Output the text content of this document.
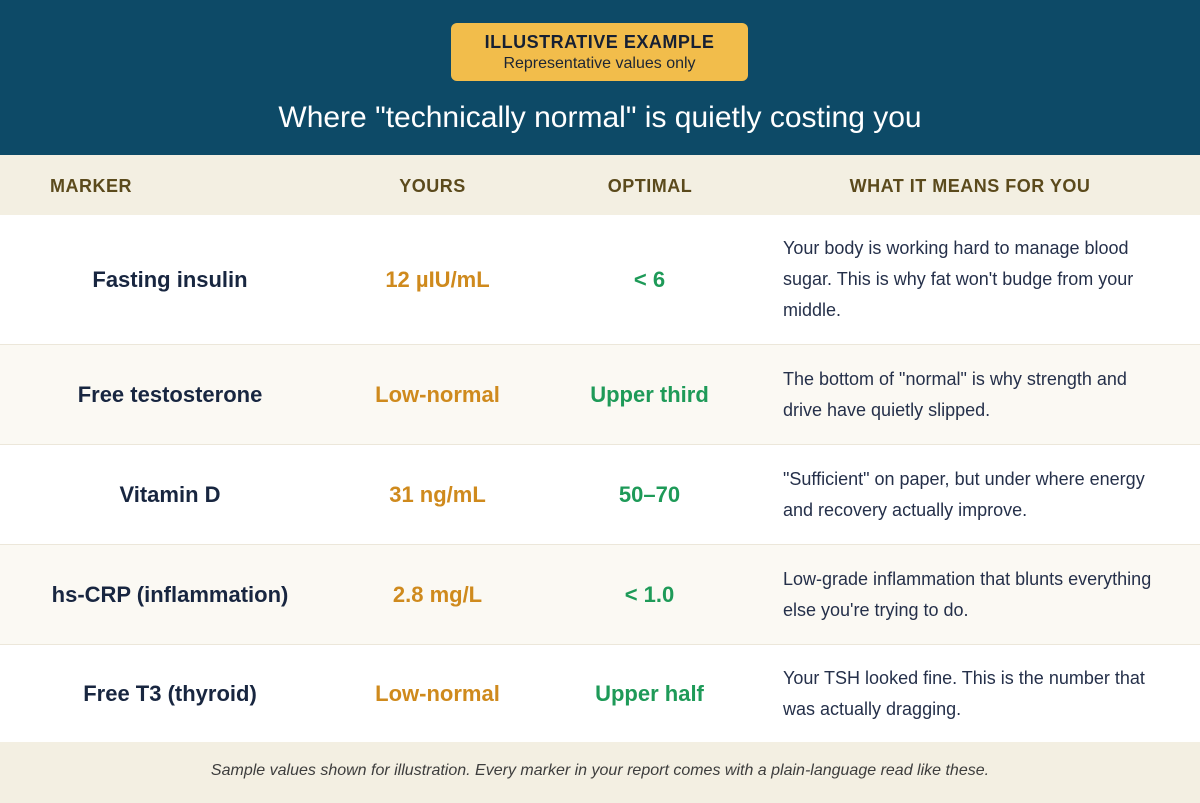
ILLUSTRATIVE EXAMPLE
Representative values only
Where "technically normal" is quietly costing you
MARKER	YOURS	OPTIMAL	WHAT IT MEANS FOR YOU
Fasting insulin	12 µIU/mL	< 6
Your body is working hard to manage blood sugar. This is why fat won't budge from your middle.
Free testosterone	Low-normal	Upper third
The bottom of "normal" is why strength and drive have quietly slipped.
Vitamin D	31 ng/mL	50–70
"Sufficient" on paper, but under where energy and recovery actually improve.
hs-CRP (inflammation)	2.8 mg/L	< 1.0
Low-grade inflammation that blunts everything else you're trying to do.
Free T3 (thyroid)	Low-normal	Upper half
Your TSH looked fine. This is the number that was actually dragging.
Sample values shown for illustration. Every marker in your report comes with a plain-language read like these.
